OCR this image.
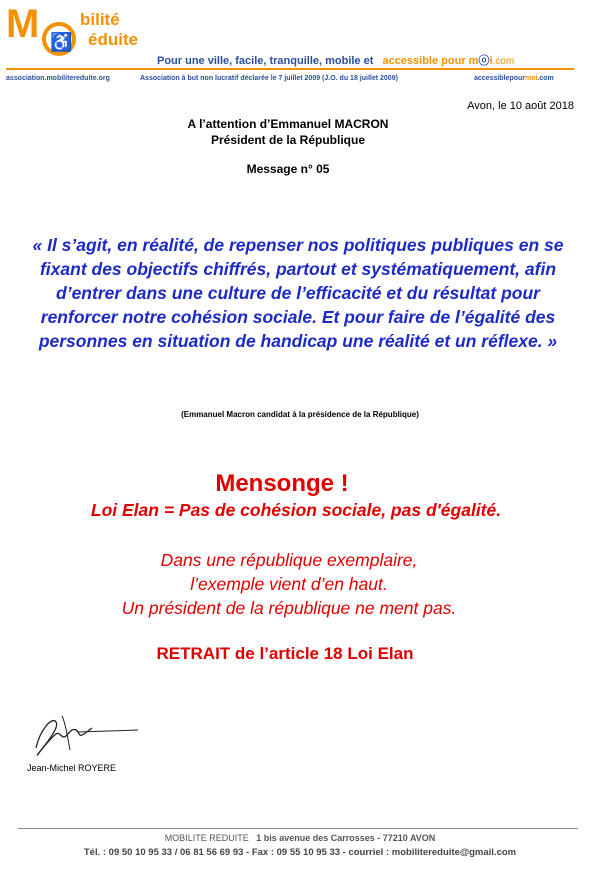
M ♿
bilité
éduite
Pour une ville, facile, tranquille, mobile et accessible pour mⓞi.com
association.mobilitereduite.org	Association à but non lucratif déclarée le 7 juillet 2009 (J.O. du 18 juillet 2009)	accessiblepourmoi.com
Avon, le 10 août 2018
A l’attention d’Emmanuel MACRON
Président de la République
Message n° 05
« Il s’agit, en réalité, de repenser nos politiques publiques en se fixant des objectifs chiffrés, partout et systématiquement, afin d’entrer dans une culture de l’efficacité et du résultat pour renforcer notre cohésion sociale. Et pour faire de l’égalité des personnes en situation de handicap une réalité et un réflexe. »
(Emmanuel Macron candidat à la présidence de la République)
Mensonge !
Loi Elan = Pas de cohésion sociale, pas d'égalité.
Dans une république exemplaire,
l’exemple vient d’en haut.
Un président de la république ne ment pas.
RETRAIT de l’article 18 Loi Elan
Jean-Michel ROYERE
MOBILITE REDUITE 1 bis avenue des Carrosses - 77210 AVON
Tél. : 09 50 10 95 33 / 06 81 56 69 93 - Fax : 09 55 10 95 33 - courriel : mobilitereduite@gmail.com
